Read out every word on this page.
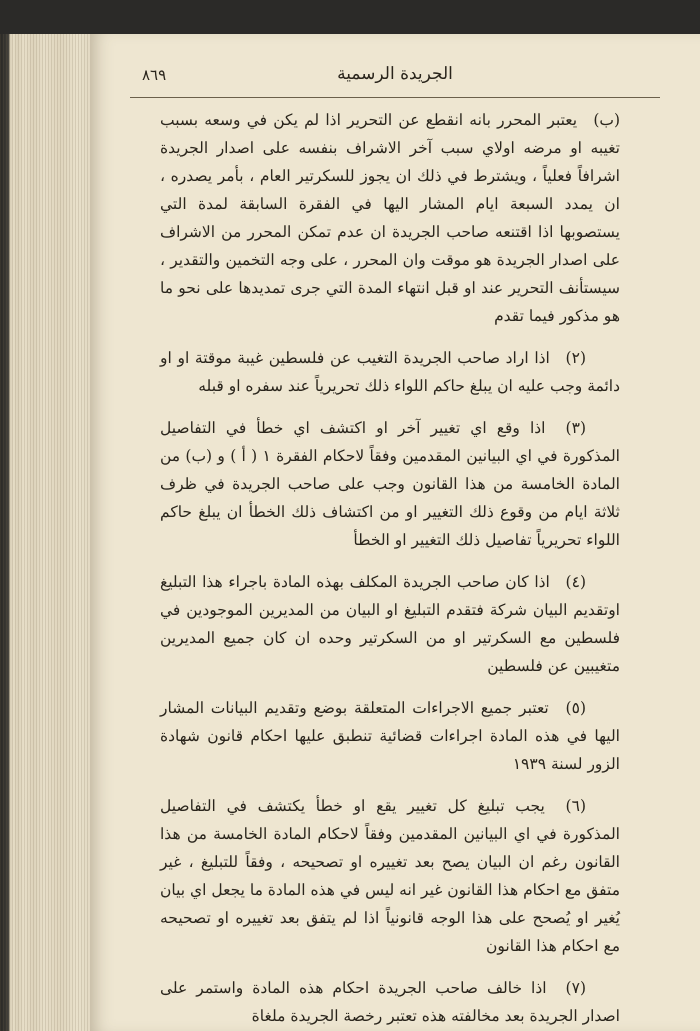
الجريدة الرسمية
٨٦٩

(ب) يعتبر المحرر بانه انقطع عن التحرير اذا لم يكن في وسعه بسبب تغيبه او مرضه اولاي سبب آخر الاشراف بنفسه على اصدار الجريدة اشرافاً فعلياً ، ويشترط في ذلك ان يجوز للسكرتير العام ، بأمر يصدره ، ان يمدد السبعة ايام المشار اليها في الفقرة السابقة لمدة التي يستصوبها اذا اقتنعه صاحب الجريدة ان عدم تمكن المحرر من الاشراف على اصدار الجريدة هو موقت وان المحرر ، على وجه التخمين والتقدير ، سيستأنف التحرير عند او قبل انتهاء المدة التي جرى تمديدها على نحو ما هو مذكور فيما تقدم

(٢) اذا اراد صاحب الجريدة التغيب عن فلسطين غيبة موقتة او او دائمة وجب عليه ان يبلغ حاكم اللواء ذلك تحريرياً عند سفره او قبله

(٣) اذا وقع اي تغيير آخر او اكتشف اي خطأ في التفاصيل المذكورة في اي البيانين المقدمين وفقاً لاحكام الفقرة ١ ( أ ) و (ب) من المادة الخامسة من هذا القانون وجب على صاحب الجريدة في ظرف ثلاثة ايام من وقوع ذلك التغيير او من اكتشاف ذلك الخطأ ان يبلغ حاكم اللواء تحريرياً تفاصيل ذلك التغيير او الخطأ

(٤) اذا كان صاحب الجريدة المكلف بهذه المادة باجراء هذا التبليغ اوتقديم البيان شركة فتقدم التبليغ او البيان من المديرين الموجودين في فلسطين مع السكرتير او من السكرتير وحده ان كان جميع المديرين متغيبين عن فلسطين

(٥) تعتبر جميع الاجراءات المتعلقة بوضع وتقديم البيانات المشار اليها في هذه المادة اجراءات قضائية تنطبق عليها احكام قانون شهادة الزور لسنة ١٩٣٩

(٦) يجب تبليغ كل تغيير يقع او خطأ يكتشف في التفاصيل المذكورة في اي البيانين المقدمين وفقاً لاحكام المادة الخامسة من هذا القانون رغم ان البيان يصح بعد تغييره او تصحيحه ، وفقاً للتبليغ ، غير متفق مع احكام هذا القانون غير انه ليس في هذه المادة ما يجعل اي بيان يُغير او يُصحح على هذا الوجه قانونياً اذا لم يتفق بعد تغييره او تصحيحه مع احكام هذا القانون

(٧) اذا خالف صاحب الجريدة احكام هذه المادة واستمر على اصدار الجريدة بعد مخالفته هذه تعتبر رخصة الجريدة ملغاة
